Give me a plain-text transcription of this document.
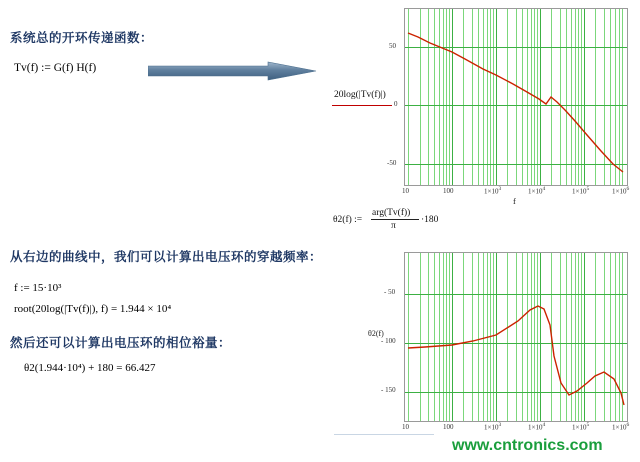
系统总的开环传递函数：
Tv(f) := G(f) H(f)
从右边的曲线中，我们可以计算出电压环的穿越频率：
f := 15·10³
root(20log(|Tv(f)|), f) = 1.944 × 10⁴
然后还可以计算出电压环的相位裕量：
θ2(1.944·10⁴) + 180 = 66.427
20log(|Tv(f)|)
θ2(f) :=
arg(Tv(f))
π
·180
50
0
-50
10	100	$1\times 10^3$	$1\times 10^4$	$1\times 10^5$	$1\times 10^6$
f
- 50
- 100
- 150
10	100	$1\times 10^3$	$1\times 10^4$	$1\times 10^5$	$1\times 10^6$
θ2(f)
www.cntronics.com
